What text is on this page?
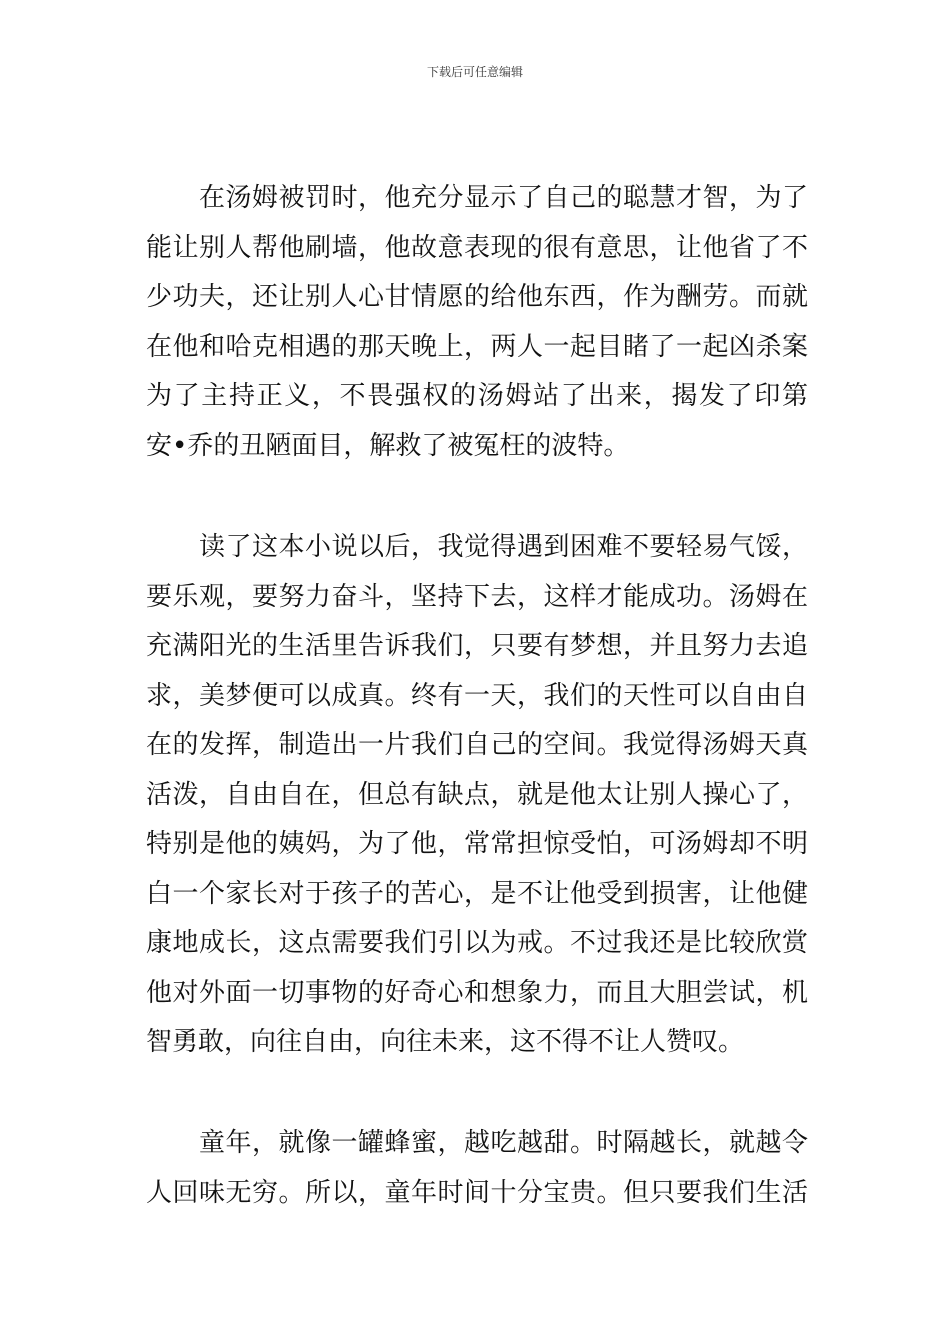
下载后可任意编辑
　　在汤姆被罚时，他充分显示了自己的聪慧才智，为了
能让别人帮他刷墙，他故意表现的很有意思，让他省了不
少功夫，还让别人心甘情愿的给他东西，作为酬劳。而就
在他和哈克相遇的那天晚上，两人一起目睹了一起凶杀案
为了主持正义，不畏强权的汤姆站了出来，揭发了印第
安•乔的丑陋面目，解救了被冤枉的波特。
　　读了这本小说以后，我觉得遇到困难不要轻易气馁，
要乐观，要努力奋斗，坚持下去，这样才能成功。汤姆在
充满阳光的生活里告诉我们，只要有梦想，并且努力去追
求，美梦便可以成真。终有一天，我们的天性可以自由自
在的发挥，制造出一片我们自己的空间。我觉得汤姆天真
活泼，自由自在，但总有缺点，就是他太让别人操心了，
特别是他的姨妈，为了他，常常担惊受怕，可汤姆却不明
白一个家长对于孩子的苦心，是不让他受到损害，让他健
康地成长，这点需要我们引以为戒。不过我还是比较欣赏
他对外面一切事物的好奇心和想象力，而且大胆尝试，机
智勇敢，向往自由，向往未来，这不得不让人赞叹。
　　童年，就像一罐蜂蜜，越吃越甜。时隔越长，就越令
人回味无穷。所以，童年时间十分宝贵。但只要我们生活
